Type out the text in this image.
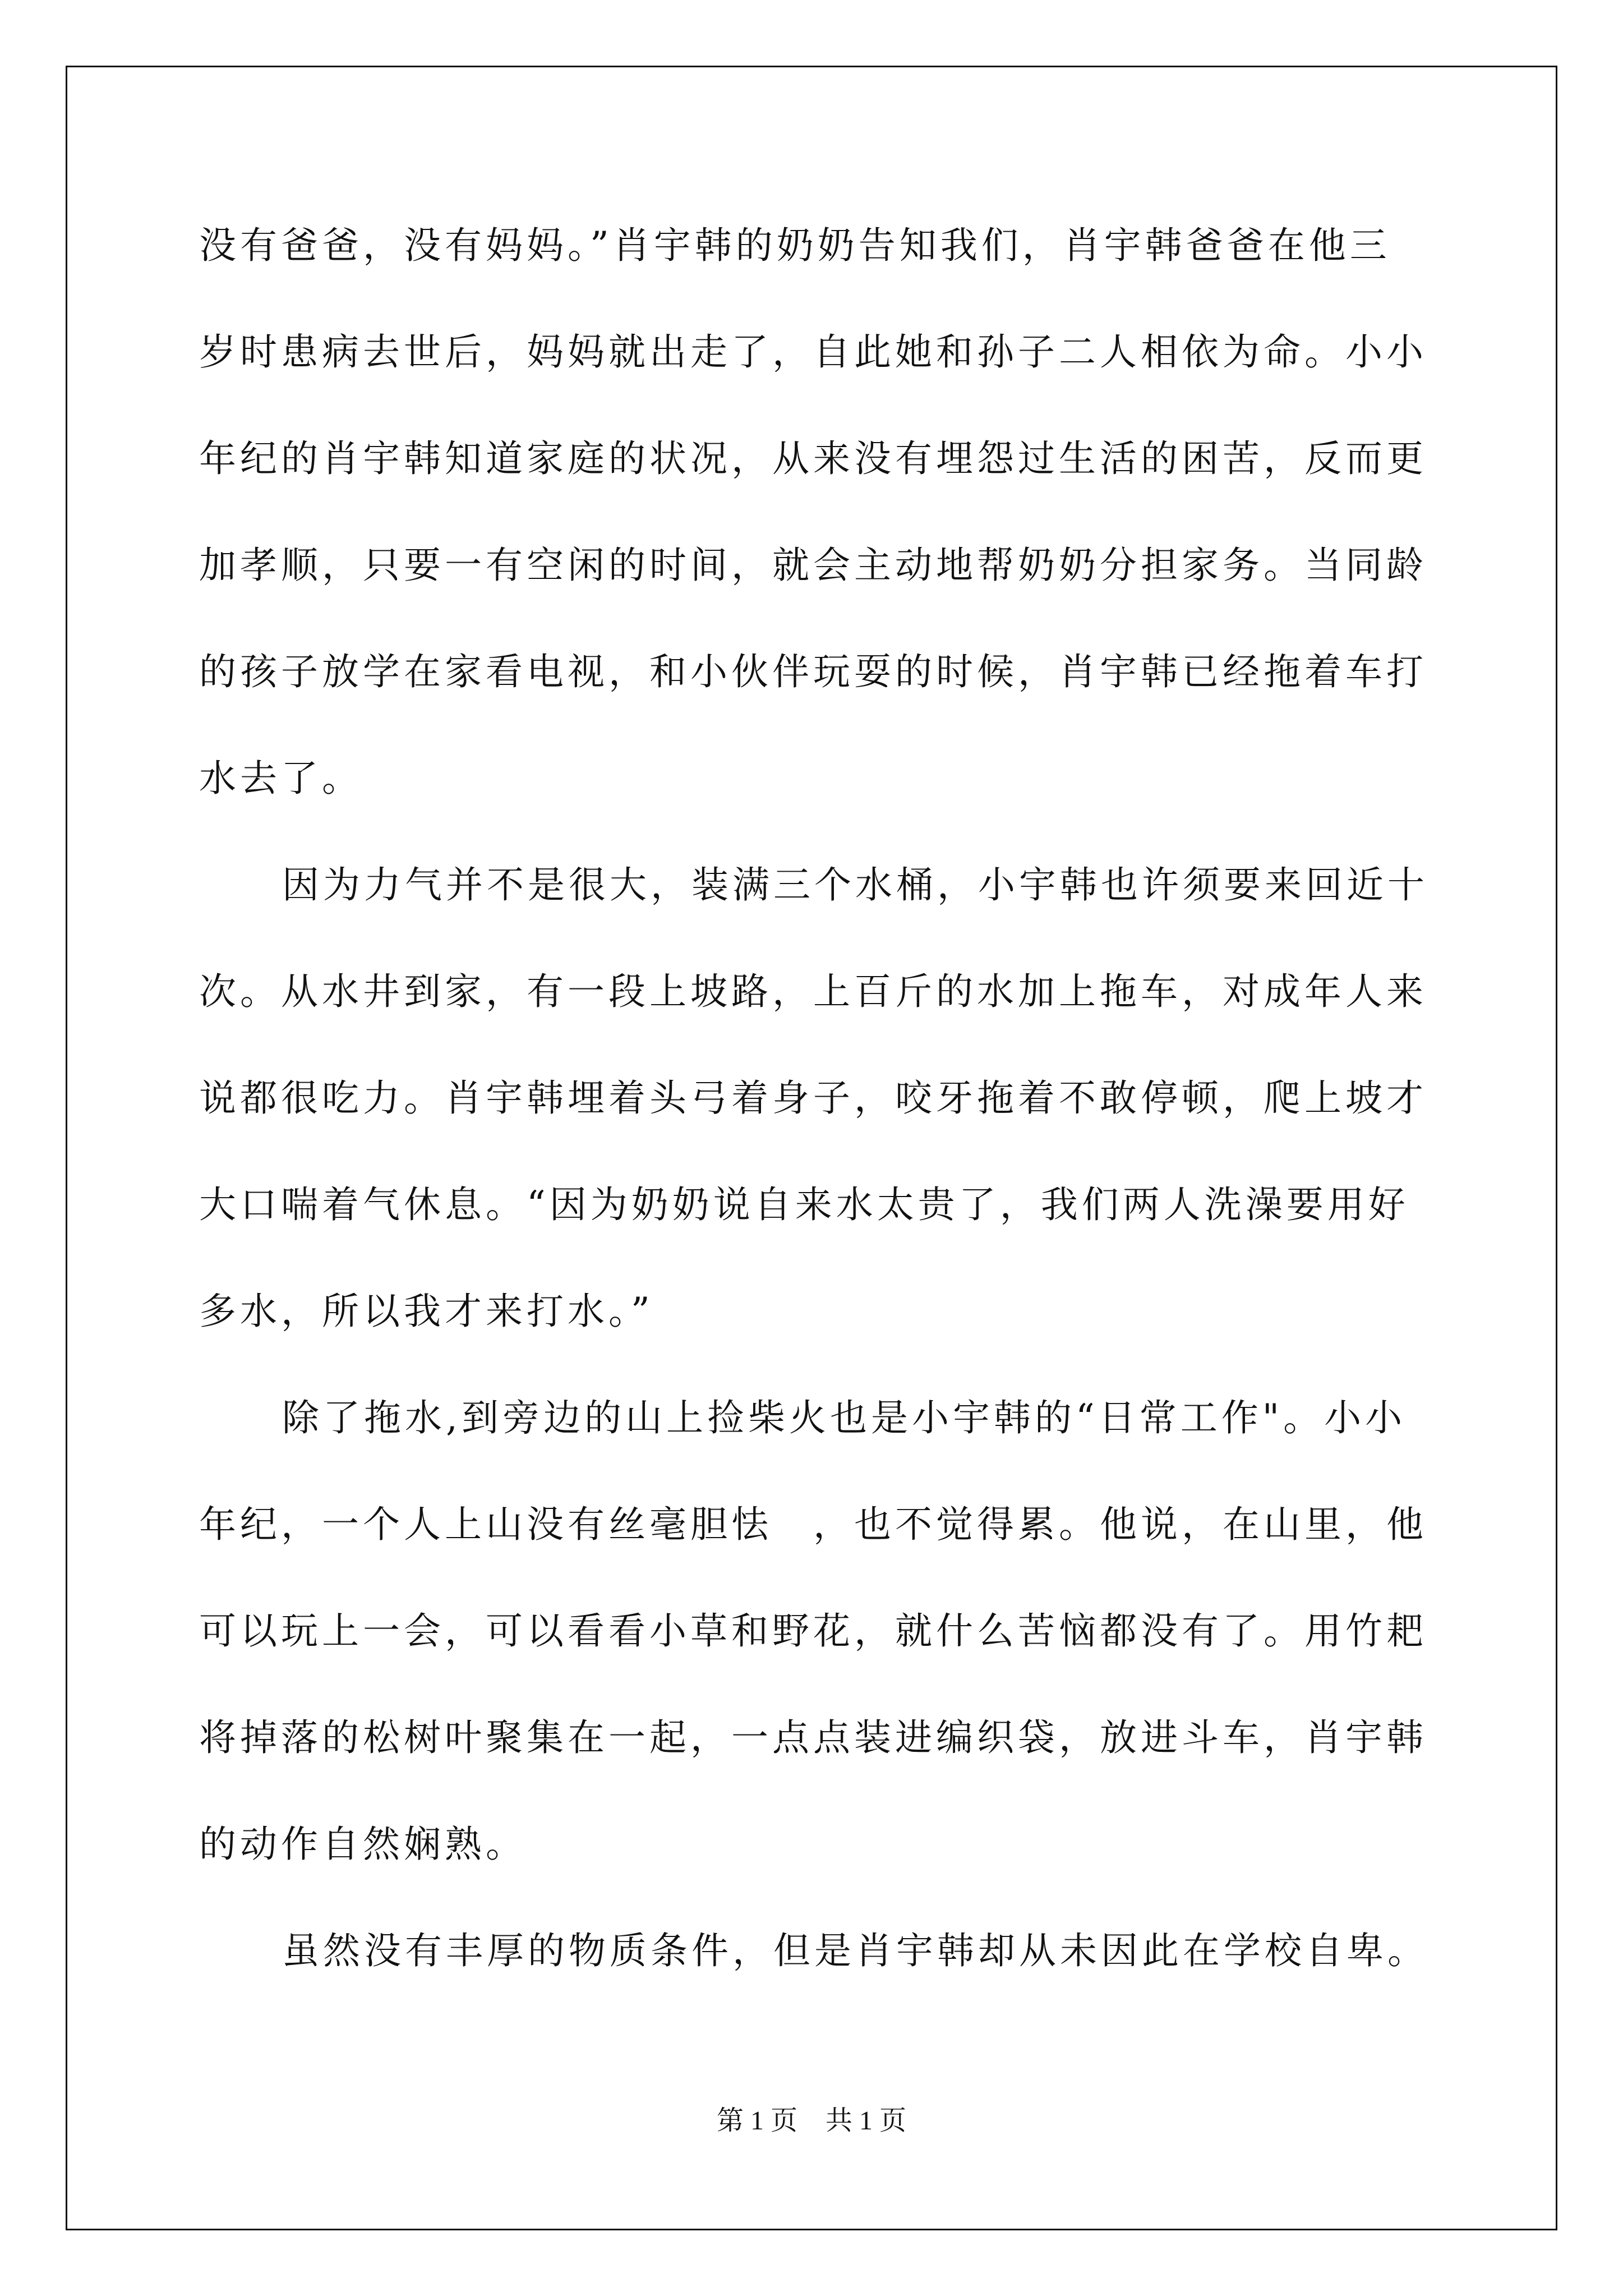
没有爸爸，没有妈妈。”肖宇韩的奶奶告知我们，肖宇韩爸爸在他三
岁时患病去世后，妈妈就出走了，自此她和孙子二人相依为命。小小
年纪的肖宇韩知道家庭的状况，从来没有埋怨过生活的困苦，反而更
加孝顺，只要一有空闲的时间，就会主动地帮奶奶分担家务。当同龄
的孩子放学在家看电视，和小伙伴玩耍的时候，肖宇韩已经拖着车打
水去了。
因为力气并不是很大，装满三个水桶，小宇韩也许须要来回近十
次。从水井到家，有一段上坡路，上百斤的水加上拖车，对成年人来
说都很吃力。肖宇韩埋着头弓着身子，咬牙拖着不敢停顿，爬上坡才
大口喘着气休息。“因为奶奶说自来水太贵了，我们两人洗澡要用好
多水，所以我才来打水。”
除了拖水,到旁边的山上捡柴火也是小宇韩的“日常工作"。小小
年纪，一个人上山没有丝毫胆怯　，也不觉得累。他说，在山里，他
可以玩上一会，可以看看小草和野花，就什么苦恼都没有了。用竹耙
将掉落的松树叶聚集在一起，一点点装进编织袋，放进斗车，肖宇韩
的动作自然娴熟。
虽然没有丰厚的物质条件，但是肖宇韩却从未因此在学校自卑。
第 1 页 共 1 页
